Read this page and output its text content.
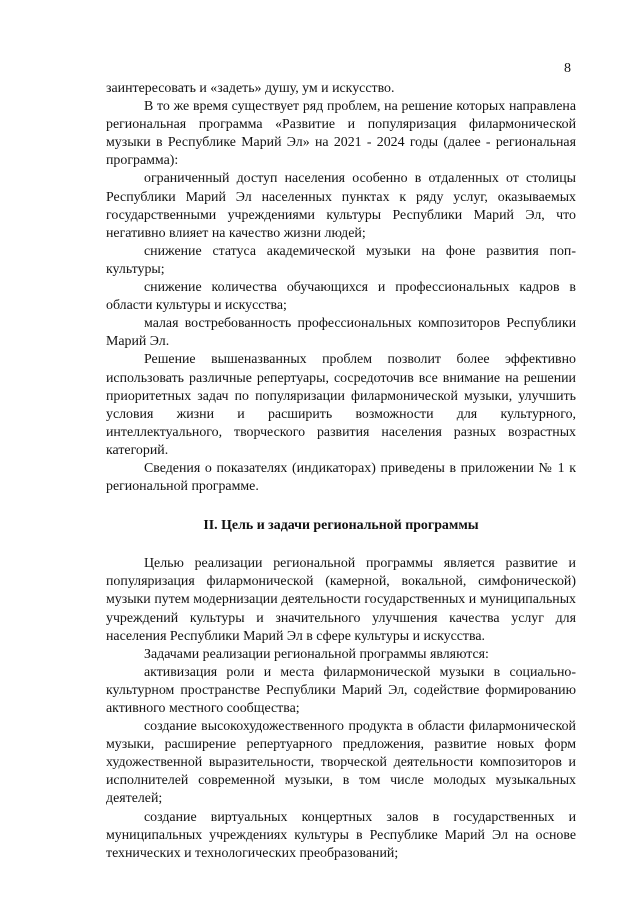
8

заинтересовать и «задеть» душу, ум и искусство.

В то же время существует ряд проблем, на решение которых направлена региональная программа «Развитие и популяризация филармонической музыки в Республике Марий Эл» на 2021 - 2024 годы (далее - региональная программа):

ограниченный доступ населения особенно в отдаленных от столицы Республики Марий Эл населенных пунктах к ряду услуг, оказываемых государственными учреждениями культуры Республики Марий Эл, что негативно влияет на качество жизни людей;

снижение статуса академической музыки на фоне развития поп-культуры;

снижение количества обучающихся и профессиональных кадров в области культуры и искусства;

малая востребованность профессиональных композиторов Республики Марий Эл.

Решение вышеназванных проблем позволит более эффективно использовать различные репертуары, сосредоточив все внимание на решении приоритетных задач по популяризации филармонической музыки, улучшить условия жизни и расширить возможности для культурного, интеллектуального, творческого развития населения разных возрастных категорий.

Сведения о показателях (индикаторах) приведены в приложении № 1 к региональной программе.

II. Цель и задачи региональной программы

Целью реализации региональной программы является развитие и популяризация филармонической (камерной, вокальной, симфонической) музыки путем модернизации деятельности государственных и муниципальных учреждений культуры и значительного улучшения качества услуг для населения Республики Марий Эл в сфере культуры и искусства.

Задачами реализации региональной программы являются:

активизация роли и места филармонической музыки в социально-культурном пространстве Республики Марий Эл, содействие формированию активного местного сообщества;

создание высокохудожественного продукта в области филармонической музыки, расширение репертуарного предложения, развитие новых форм художественной выразительности, творческой деятельности композиторов и исполнителей современной музыки, в том числе молодых музыкальных деятелей;

создание виртуальных концертных залов в государственных и муниципальных учреждениях культуры в Республике Марий Эл на основе технических и технологических преобразований;
